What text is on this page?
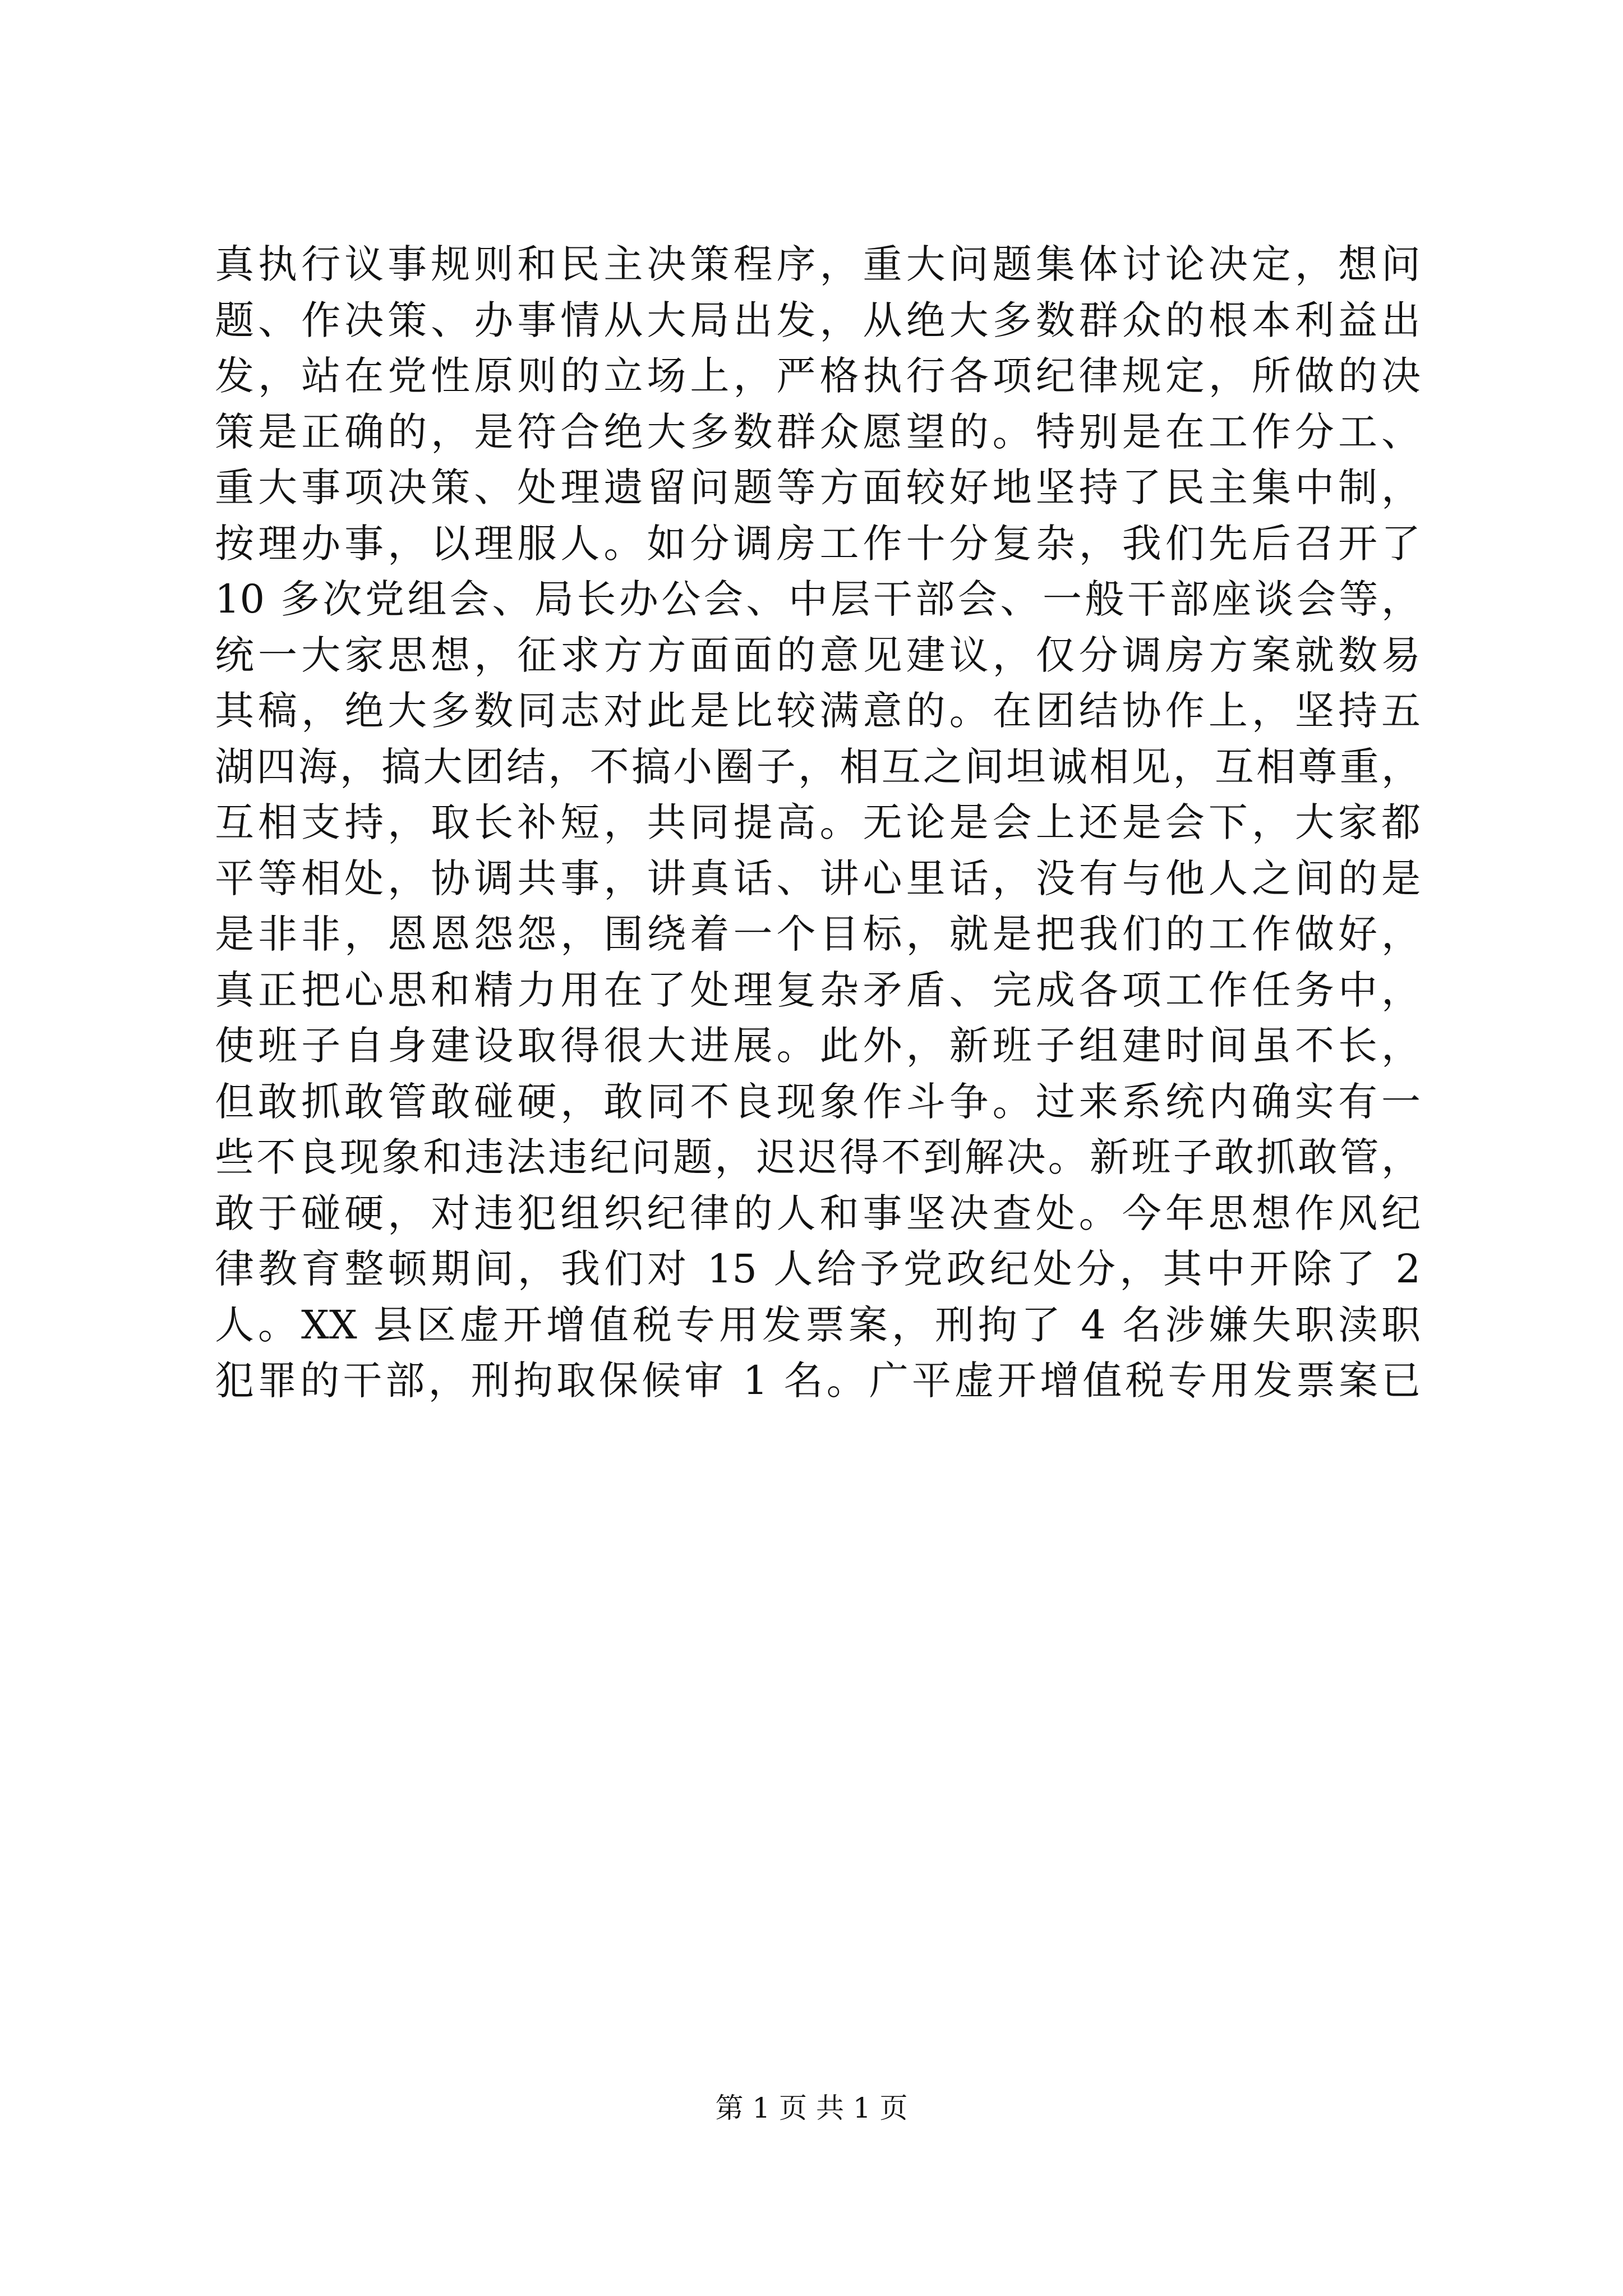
真执行议事规则和民主决策程序，重大问题集体讨论决定，想问
题、作决策、办事情从大局出发，从绝大多数群众的根本利益出
发，站在党性原则的立场上，严格执行各项纪律规定，所做的决
策是正确的，是符合绝大多数群众愿望的。特别是在工作分工、
重大事项决策、处理遗留问题等方面较好地坚持了民主集中制，
按理办事，以理服人。如分调房工作十分复杂，我们先后召开了
10 多次党组会、局长办公会、中层干部会、一般干部座谈会等，
统一大家思想，征求方方面面的意见建议，仅分调房方案就数易
其稿，绝大多数同志对此是比较满意的。在团结协作上，坚持五
湖四海，搞大团结，不搞小圈子，相互之间坦诚相见，互相尊重，
互相支持，取长补短，共同提高。无论是会上还是会下，大家都
平等相处，协调共事，讲真话、讲心里话，没有与他人之间的是
是非非，恩恩怨怨，围绕着一个目标，就是把我们的工作做好，
真正把心思和精力用在了处理复杂矛盾、完成各项工作任务中，
使班子自身建设取得很大进展。此外，新班子组建时间虽不长，
但敢抓敢管敢碰硬，敢同不良现象作斗争。过来系统内确实有一
些不良现象和违法违纪问题，迟迟得不到解决。新班子敢抓敢管，
敢于碰硬，对违犯组织纪律的人和事坚决查处。今年思想作风纪
律教育整顿期间，我们对 15 人给予党政纪处分，其中开除了 2
人。XX 县区虚开增值税专用发票案，刑拘了 4 名涉嫌失职渎职
犯罪的干部，刑拘取保候审 1 名。广平虚开增值税专用发票案已
第 1 页 共 1 页
